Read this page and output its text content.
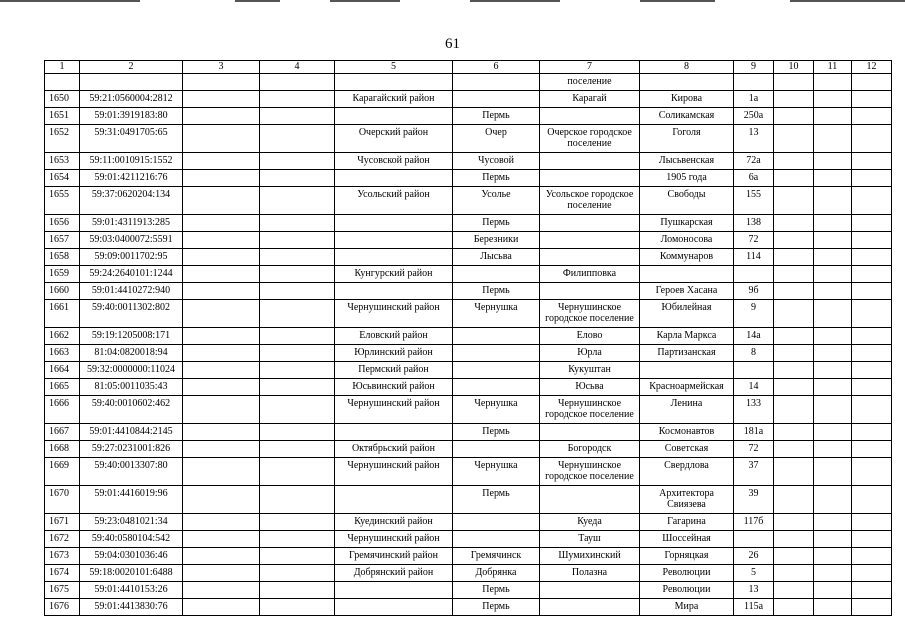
61
1	2	3	4	5	6	7	8	9	10	11	12
						поселение					
1650	59:21:0560004:2812			Карагайский район		Карагай	Кирова	1а			
1651	59:01:3919183:80				Пермь		Соликамская	250а			
1652	59:31:0491705:65			Очерский район	Очер	Очерское городское поселение	Гоголя	13			
1653	59:11:0010915:1552			Чусовской район	Чусовой		Лысьвенская	72а			
1654	59:01:4211216:76				Пермь		1905 года	6а			
1655	59:37:0620204:134			Усольский район	Усолье	Усольское городское поселение	Свободы	155			
1656	59:01:4311913:285				Пермь		Пушкарская	138			
1657	59:03:0400072:5591				Березники		Ломоносова	72			
1658	59:09:0011702:95				Лысьва		Коммунаров	114			
1659	59:24:2640101:1244			Кунгурский район		Филипповка					
1660	59:01:4410272:940				Пермь		Героев Хасана	9б			
1661	59:40:0011302:802			Чернушинский район	Чернушка	Чернушинское городское поселение	Юбилейная	9			
1662	59:19:1205008:171			Еловский район		Елово	Карла Маркса	14а			
1663	81:04:0820018:94			Юрлинский район		Юрла	Партизанская	8			
1664	59:32:0000000:11024			Пермский район		Кукуштан					
1665	81:05:0011035:43			Юсьвинский район		Юсьва	Красноармейская	14			
1666	59:40:0010602:462			Чернушинский район	Чернушка	Чернушинское городское поселение	Ленина	133			
1667	59:01:4410844:2145				Пермь		Космонавтов	181а			
1668	59:27:0231001:826			Октябрьский район		Богородск	Советская	72			
1669	59:40:0013307:80			Чернушинский район	Чернушка	Чернушинское городское поселение	Свердлова	37			
1670	59:01:4416019:96				Пермь		Архитектора Свиязева	39			
1671	59:23:0481021:34			Куединский район		Куеда	Гагарина	117б			
1672	59:40:0580104:542			Чернушинский район		Тауш	Шоссейная				
1673	59:04:0301036:46			Гремячинский район	Гремячинск	Шумихинский	Горняцкая	26			
1674	59:18:0020101:6488			Добрянский район	Добрянка	Полазна	Революции	5			
1675	59:01:4410153:26				Пермь		Революции	13			
1676	59:01:4413830:76				Пермь		Мира	115а			
